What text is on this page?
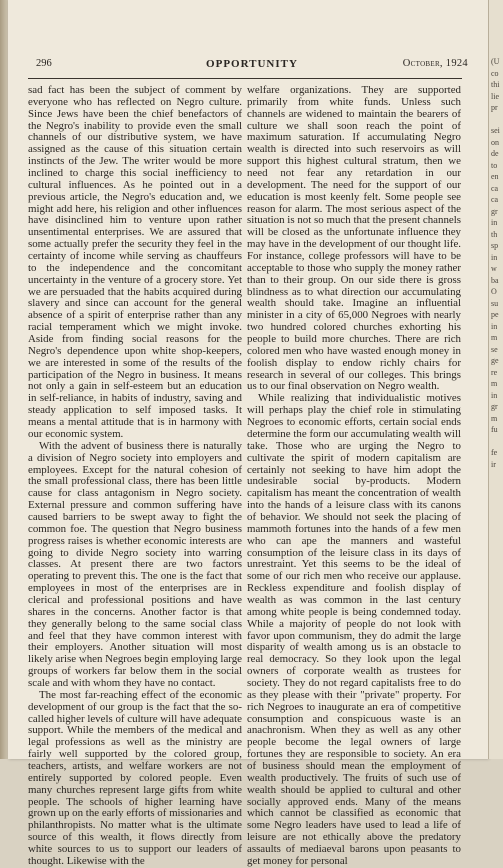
296	OPPORTUNITY	October, 1924

sad fact has been the subject of comment by everyone who has reflected on Negro culture. Since Jews have been the chief benefactors of the Negro's inability to provide even the small channels of our distributive system, we have assigned as the cause of this situation certain instincts of the Jew. The writer would be more inclined to charge this social inefficiency to cultural influences. As he pointed out in a previous article, the Negro's education and, we might add here, his religion and other influences have disinclined him to venture upon rather unsentimental enterprises. We are assured that some actually prefer the security they feel in the certainty of income while serving as chauffeurs to the independence and the concomitant uncertainty in the venture of a grocery store. Yet we are persuaded that the habits acquired during slavery and since can account for the general absence of a spirit of enterprise rather than any racial temperament which we might invoke. Aside from finding social reasons for the Negro's dependence upon white shop-keepers, we are interested in some of the results of the participation of the Negro in business. It means not only a gain in self-esteem but an education in self-reliance, in habits of industry, saving and steady application to self imposed tasks. It means a mental attitude that is in harmony with our economic system.

With the advent of business there is naturally a division of Negro society into employers and employees. Except for the natural cohesion of the small professional class, there has been little cause for class antagonism in Negro society. External pressure and common suffering have caused barriers to be swept away to fight the common foe. The question that Negro business progress raises is whether economic interests are going to divide Negro society into warring classes. At present there are two factors operating to prevent this. The one is the fact that employees in most of the enterprises are in clerical and professional positions and have shares in the concerns. Another factor is that they generally belong to the same social class and feel that they have common interest with their employers. Another situation will most likely arise when Negroes begin employing large groups of workers far below them in the social scale and with whom they have no contact.

The most far-reaching effect of the economic development of our group is the fact that the so-called higher levels of culture will have adequate support. While the members of the medical and legal professions as well as the ministry are fairly well supported by the colored group, teachers, artists, and welfare workers are not entirely supported by colored people. Even many churches represent large gifts from white people. The schools of higher learning have grown up on the early efforts of missionaries and philanthropists. No matter what is the ultimate source of this wealth, it flows directly from white sources to us to support our leaders of thought. Likewise with the

welfare organizations. They are supported primarily from white funds. Unless such channels are widened to maintain the bearers of culture we shall soon reach the point of maximum saturation. If accumulating Negro wealth is directed into such reservoirs as will support this highest cultural stratum, then we need not fear any retardation in our development. The need for the support of our education is most keenly felt. Some people see reason for alarm. The most serious aspect of the situation is not so much that the present channels will be closed as the unfortunate influence they may have in the development of our thought life. For instance, college professors will have to be acceptable to those who supply the money rather than to their group. On our side there is gross blindness as to what direction our accumulating wealth should take. Imagine an influential minister in a city of 65,000 Negroes with nearly two hundred colored churches exhorting his people to build more churches. There are rich colored men who have wasted enough money in foolish display to endow richly chairs for research in several of our colleges. This brings us to our final observation on Negro wealth.

While realizing that individualistic motives will perhaps play the chief role in stimulating Negroes to economic efforts, certain social ends determine the form our accumulating wealth will take. Those who are urging the Negro to cultivate the spirit of modern capitalism are certainly not seeking to have him adopt the undesirable social by-products. Modern capitalism has meant the concentration of wealth into the hands of a leisure class with its canons of behavior. We should not seek the placing of mammoth fortunes into the hands of a few men who can ape the manners and wasteful consumption of the leisure class in its days of unrestraint. Yet this seems to be the ideal of some of our rich men who receive our applause. Reckless expenditure and foolish display of wealth as was common in the last century among white people is being condemned today. While a majority of people do not look with favor upon communism, they do admit the large disparity of wealth among us is an obstacle to real democracy. So they look upon the legal owners of corporate wealth as trustees for society. They do not regard capitalists free to do as they please with their "private" property. For rich Negroes to inaugurate an era of competitive consumption and conspicuous waste is an anachronism. When they as well as any other people become the legal owners of large fortunes they are responsible to society. An era of business should mean the employment of wealth productively. The fruits of such use of wealth should be applied to cultural and other socially approved ends. Many of the means which cannot be classified as economic that some Negro leaders have used to lead a life of leisure are not ethically above the predatory assaults of mediaeval barons upon peasants to get money for personal

(U
co
thi
lie
pr

sei
on
de
to
en
ca
ca
gr
in
th
sp
in
w
ba
O
su
pe
in
m
se
ge
re
m
in
gr
m
fu

fe
ir
